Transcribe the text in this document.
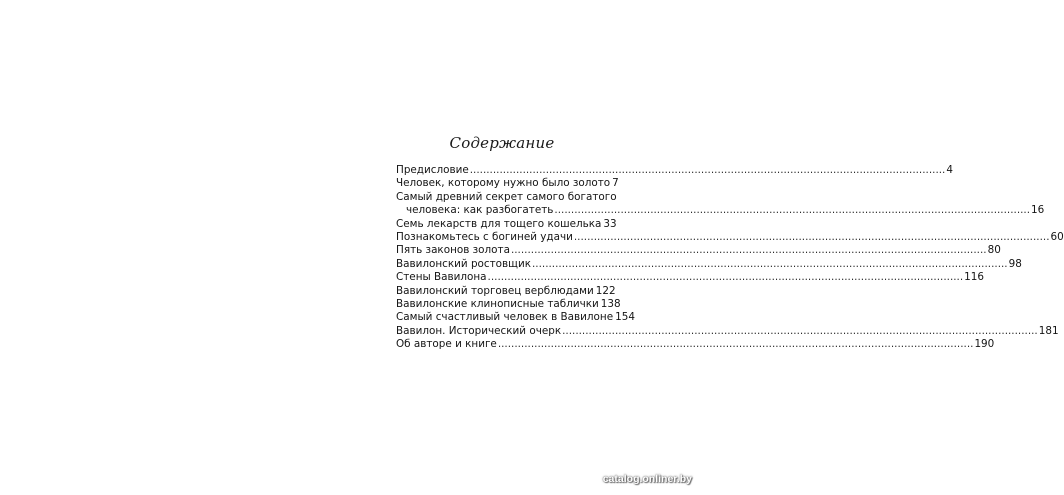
Содержание
Предисловие .....	4
Человек, которому нужно было золото 7
Самый древний секрет самого богатого
человека: как разбогатеть .....	16
Семь лекарств для тощего кошелька 33
Познакомьтесь с богиней удачи .....	60
Пять законов золота .....	80
Вавилонский ростовщик .....	98
Стены Вавилона .....	116
Вавилонский торговец верблюдами 122
Вавилонские клинописные таблички 138
Самый счастливый человек в Вавилоне 154
Вавилон. Исторический очерк .....	181
Об авторе и книге .....	190
catalog.onliner.by
